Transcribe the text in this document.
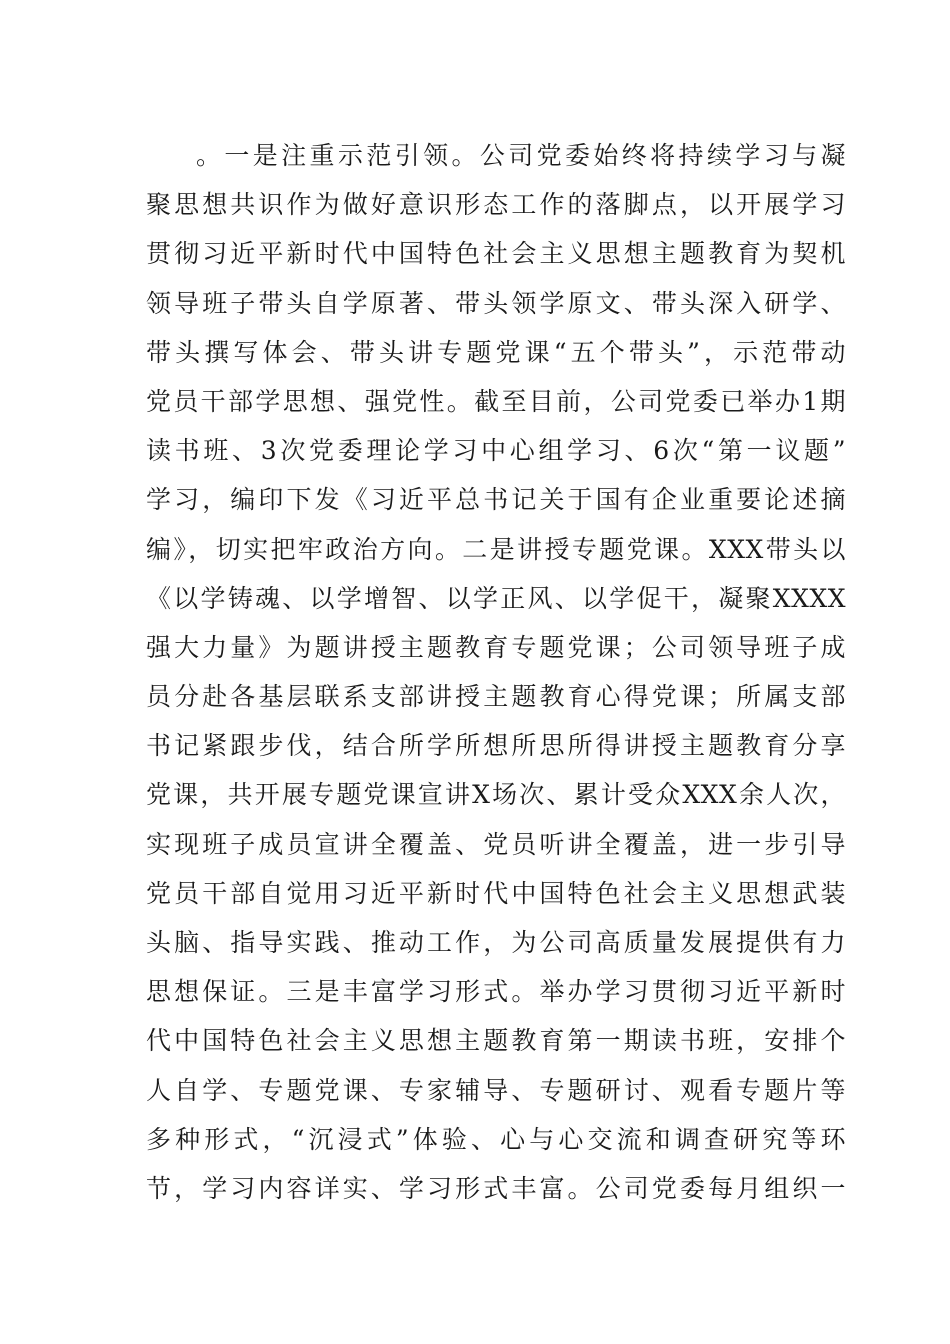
。一是注重示范引领。公司党委始终将持续学习与凝
聚思想共识作为做好意识形态工作的落脚点，以开展学习
贯彻习近平新时代中国特色社会主义思想主题教育为契机
领导班子带头自学原著、带头领学原文、带头深入研学、
带头撰写体会、带头讲专题党课“五个带头”，示范带动
党员干部学思想、强党性。截至目前，公司党委已举办1期
读书班、3次党委理论学习中心组学习、6次“第一议题”
学习，编印下发《习近平总书记关于国有企业重要论述摘
编》，切实把牢政治方向。二是讲授专题党课。XXX带头以
《以学铸魂、以学增智、以学正风、以学促干，凝聚XXXX
强大力量》为题讲授主题教育专题党课；公司领导班子成
员分赴各基层联系支部讲授主题教育心得党课；所属支部
书记紧跟步伐，结合所学所想所思所得讲授主题教育分享
党课，共开展专题党课宣讲X场次、累计受众XXX余人次，
实现班子成员宣讲全覆盖、党员听讲全覆盖，进一步引导
党员干部自觉用习近平新时代中国特色社会主义思想武装
头脑、指导实践、推动工作，为公司高质量发展提供有力
思想保证。三是丰富学习形式。举办学习贯彻习近平新时
代中国特色社会主义思想主题教育第一期读书班，安排个
人自学、专题党课、专家辅导、专题研讨、观看专题片等
多种形式，“沉浸式”体验、心与心交流和调查研究等环
节，学习内容详实、学习形式丰富。公司党委每月组织一
